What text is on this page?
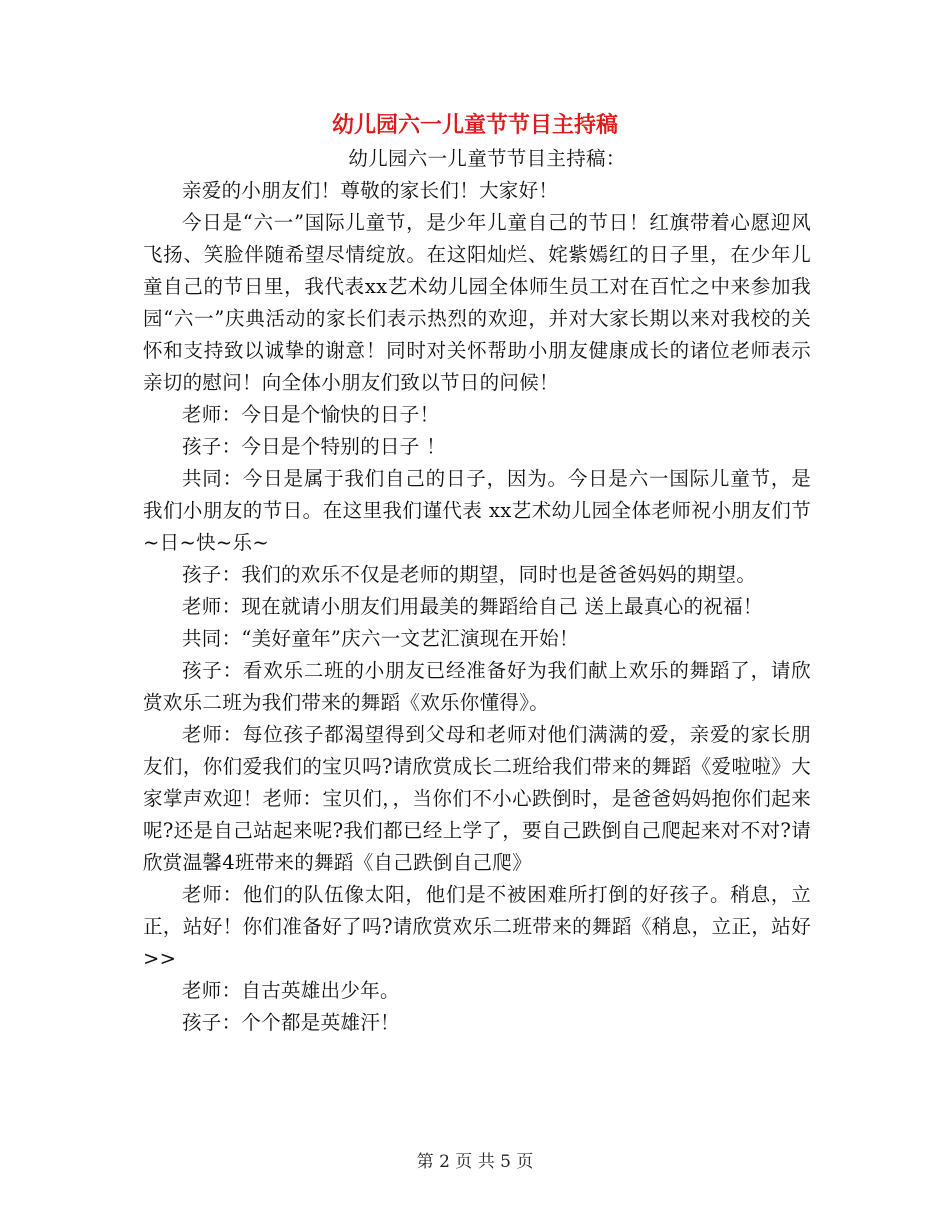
幼儿园六一儿童节节目主持稿

幼儿园六一儿童节节目主持稿：

亲爱的小朋友们！尊敬的家长们！大家好！

今日是“六一”国际儿童节，是少年儿童自己的节日！红旗带着心愿迎风飞扬、笑脸伴随希望尽情绽放。在这阳灿烂、姹紫嫣红的日子里，在少年儿童自己的节日里，我代表xx艺术幼儿园全体师生员工对在百忙之中来参加我园“六一”庆典活动的家长们表示热烈的欢迎，并对大家长期以来对我校的关怀和支持致以诚挚的谢意！同时对关怀帮助小朋友健康成长的诸位老师表示亲切的慰问！向全体小朋友们致以节日的问候！

老师：今日是个愉快的日子！

孩子：今日是个特别的日子 ！

共同：今日是属于我们自己的日子，因为。今日是六一国际儿童节，是我们小朋友的节日。在这里我们谨代表 xx艺术幼儿园全体老师祝小朋友们节~日~快~乐~

孩子：我们的欢乐不仅是老师的期望，同时也是爸爸妈妈的期望。

老师：现在就请小朋友们用最美的舞蹈给自己 送上最真心的祝福！

共同：“美好童年”庆六一文艺汇演现在开始！

孩子：看欢乐二班的小朋友已经准备好为我们献上欢乐的舞蹈了，请欣赏欢乐二班为我们带来的舞蹈《欢乐你懂得》。

老师：每位孩子都渴望得到父母和老师对他们满满的爱，亲爱的家长朋友们，你们爱我们的宝贝吗?请欣赏成长二班给我们带来的舞蹈《爱啦啦》大家掌声欢迎！老师：宝贝们，，当你们不小心跌倒时，是爸爸妈妈抱你们起来呢?还是自己站起来呢?我们都已经上学了，要自己跌倒自己爬起来对不对?请欣赏温馨4班带来的舞蹈《自己跌倒自己爬》

老师：他们的队伍像太阳，他们是不被困难所打倒的好孩子。稍息，立正，站好！你们准备好了吗?请欣赏欢乐二班带来的舞蹈《稍息，立正，站好>>

老师：自古英雄出少年。

孩子：个个都是英雄汗！

第 2 页 共 5 页
